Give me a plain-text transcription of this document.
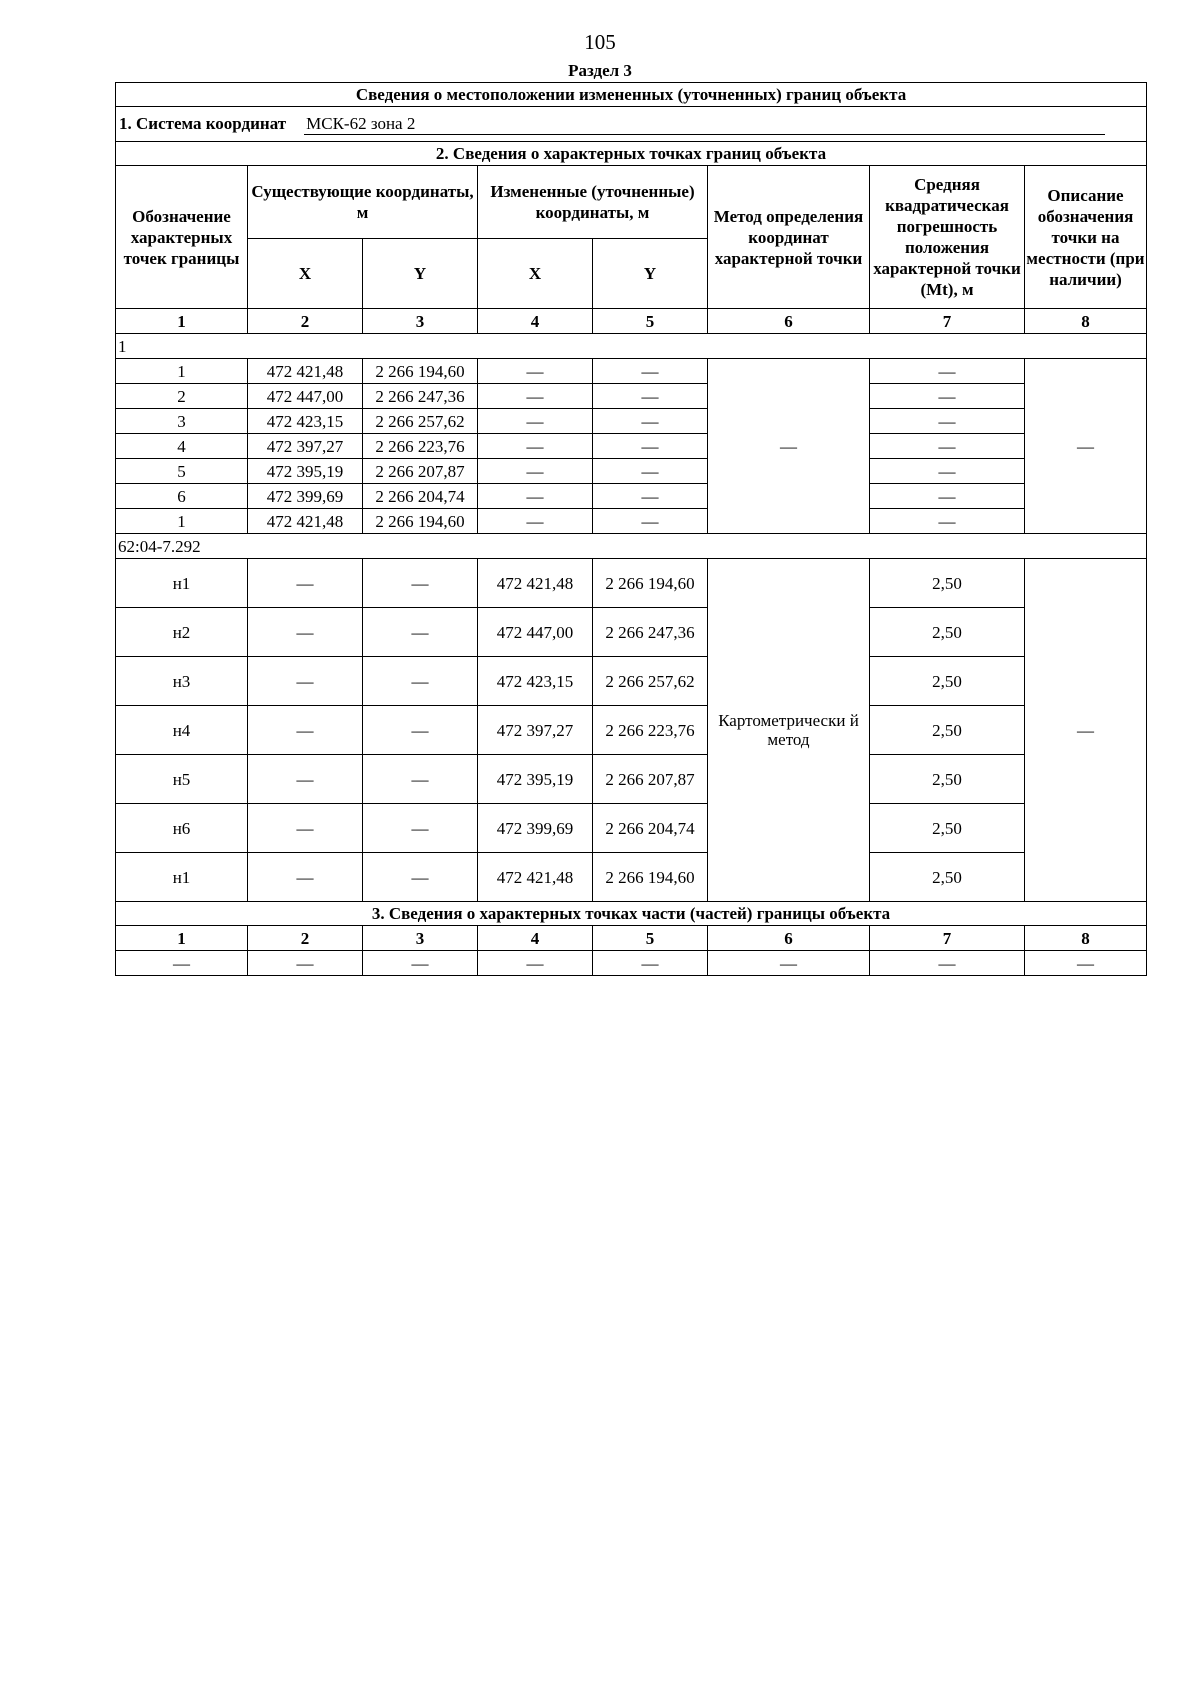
105
Раздел 3
Сведения о местоположении измененных (уточненных) границ объекта							
1. Система координат МСК-62 зона 2							
2. Сведения о характерных точках границ объекта							
Обозначение характерных точек границы	Существующие координаты, м		Измененные (уточненные) координаты, м		Метод определения координат характерной точки	Средняя квадратическая погрешность положения характерной точки (Mt), м	Описание обозначения точки на местности (при наличии)
	X	Y	X	Y			
1	2	3	4	5	6	7	8
1							
1	472 421,48	2 266 194,60	—	—	—	—	—
2	472 447,00	2 266 247,36	—	—		—	
3	472 423,15	2 266 257,62	—	—		—	
4	472 397,27	2 266 223,76	—	—		—	
5	472 395,19	2 266 207,87	—	—		—	
6	472 399,69	2 266 204,74	—	—		—	
1	472 421,48	2 266 194,60	—	—		—	
62:04-7.292							
н1	—	—	472 421,48	2 266 194,60	Картометрически й метод	2,50	—
н2	—	—	472 447,00	2 266 247,36		2,50	
н3	—	—	472 423,15	2 266 257,62		2,50	
н4	—	—	472 397,27	2 266 223,76		2,50	
н5	—	—	472 395,19	2 266 207,87		2,50	
н6	—	—	472 399,69	2 266 204,74		2,50	
н1	—	—	472 421,48	2 266 194,60		2,50	
3. Сведения о характерных точках части (частей) границы объекта							
1	2	3	4	5	6	7	8
—	—	—	—	—	—	—	—
